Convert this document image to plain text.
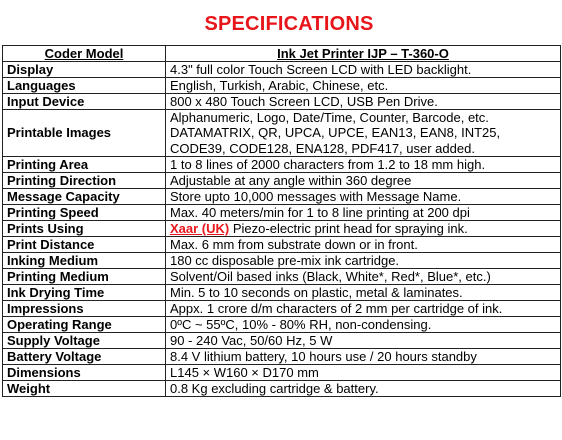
SPECIFICATIONS
Coder Model	Ink Jet Printer IJP – T-360-O
Display	4.3" full color Touch Screen LCD with LED backlight.
Languages	English, Turkish, Arabic, Chinese, etc.
Input Device	800 x 480 Touch Screen LCD, USB Pen Drive.
Printable Images	Alphanumeric, Logo, Date/Time, Counter, Barcode, etc.
DATAMATRIX, QR, UPCA, UPCE, EAN13, EAN8, INT25,
CODE39, CODE128, ENA128, PDF417, user added.

Printing Area	1 to 8 lines of 2000 characters from 1.2 to 18 mm high.
Printing Direction	Adjustable at any angle within 360 degree
Message Capacity	Store upto 10,000 messages with Message Name.
Printing Speed	Max. 40 meters/min for 1 to 8 line printing at 200 dpi
Prints Using	Xaar (UK) Piezo-electric print head for spraying ink.
Print Distance	Max. 6 mm from substrate down or in front.
Inking Medium	180 cc disposable pre-mix ink cartridge.
Printing Medium	Solvent/Oil based inks (Black, White*, Red*, Blue*, etc.)
Ink Drying Time	Min. 5 to 10 seconds on plastic, metal & laminates.
Impressions	Appx. 1 crore d/m characters of 2 mm per cartridge of ink.
Operating Range	0ºC ~ 55ºC, 10% - 80% RH, non-condensing.
Supply Voltage	90 - 240 Vac, 50/60 Hz, 5 W
Battery Voltage	8.4 V lithium battery, 10 hours use / 20 hours standby
Dimensions	L145 × W160 × D170 mm
Weight	0.8 Kg excluding cartridge & battery.
